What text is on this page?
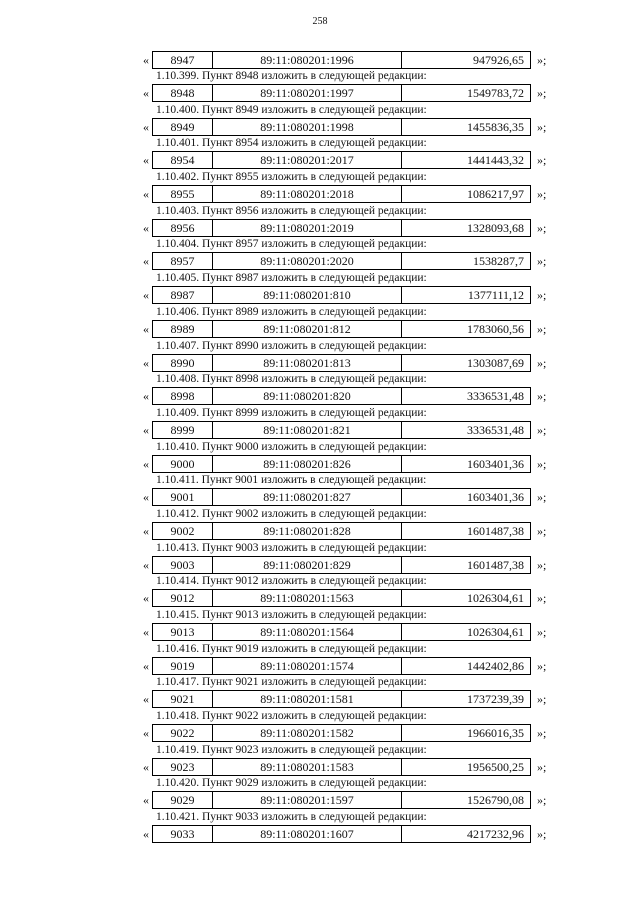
258
«	8947	89:11:080201:1996	947926,65	»;
1.10.399. Пункт 8948 изложить в следующей редакции:
«	8948	89:11:080201:1997	1549783,72	»;
1.10.400. Пункт 8949 изложить в следующей редакции:
«	8949	89:11:080201:1998	1455836,35	»;
1.10.401. Пункт 8954 изложить в следующей редакции:
«	8954	89:11:080201:2017	1441443,32	»;
1.10.402. Пункт 8955 изложить в следующей редакции:
«	8955	89:11:080201:2018	1086217,97	»;
1.10.403. Пункт 8956 изложить в следующей редакции:
«	8956	89:11:080201:2019	1328093,68	»;
1.10.404. Пункт 8957 изложить в следующей редакции:
«	8957	89:11:080201:2020	1538287,7	»;
1.10.405. Пункт 8987 изложить в следующей редакции:
«	8987	89:11:080201:810	1377111,12	»;
1.10.406. Пункт 8989 изложить в следующей редакции:
«	8989	89:11:080201:812	1783060,56	»;
1.10.407. Пункт 8990 изложить в следующей редакции:
«	8990	89:11:080201:813	1303087,69	»;
1.10.408. Пункт 8998 изложить в следующей редакции:
«	8998	89:11:080201:820	3336531,48	»;
1.10.409. Пункт 8999 изложить в следующей редакции:
«	8999	89:11:080201:821	3336531,48	»;
1.10.410. Пункт 9000 изложить в следующей редакции:
«	9000	89:11:080201:826	1603401,36	»;
1.10.411. Пункт 9001 изложить в следующей редакции:
«	9001	89:11:080201:827	1603401,36	»;
1.10.412. Пункт 9002 изложить в следующей редакции:
«	9002	89:11:080201:828	1601487,38	»;
1.10.413. Пункт 9003 изложить в следующей редакции:
«	9003	89:11:080201:829	1601487,38	»;
1.10.414. Пункт 9012 изложить в следующей редакции:
«	9012	89:11:080201:1563	1026304,61	»;
1.10.415. Пункт 9013 изложить в следующей редакции:
«	9013	89:11:080201:1564	1026304,61	»;
1.10.416. Пункт 9019 изложить в следующей редакции:
«	9019	89:11:080201:1574	1442402,86	»;
1.10.417. Пункт 9021 изложить в следующей редакции:
«	9021	89:11:080201:1581	1737239,39	»;
1.10.418. Пункт 9022 изложить в следующей редакции:
«	9022	89:11:080201:1582	1966016,35	»;
1.10.419. Пункт 9023 изложить в следующей редакции:
«	9023	89:11:080201:1583	1956500,25	»;
1.10.420. Пункт 9029 изложить в следующей редакции:
«	9029	89:11:080201:1597	1526790,08	»;
1.10.421. Пункт 9033 изложить в следующей редакции:
«	9033	89:11:080201:1607	4217232,96	»;
